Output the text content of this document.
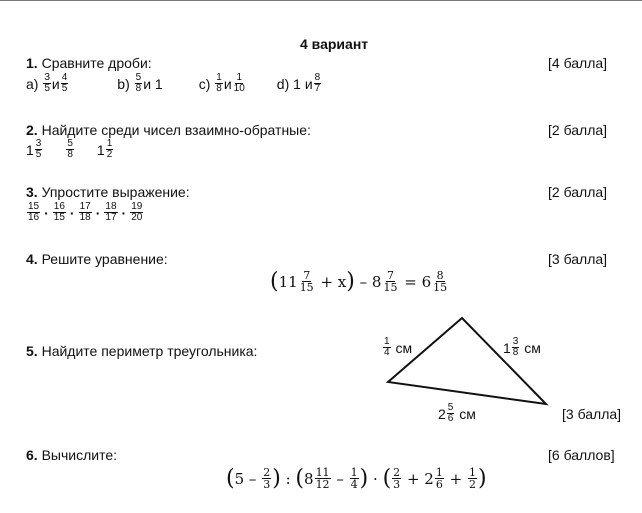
4 вариант
1. Сравните дроби:	[4 балла]
a)
$\frac{3}{5}$ и $\frac{4}{5}$	b)
$\frac{5}{8}$ и
1	c)
$\frac{1}{8}$ и $\frac{1}{10} d$)
1
и $\frac{8}{7}$
2. Найдите среди чисел взаимно-обратные:	[2 балла]
$1 \frac{3}{5} \frac{5}{8} 1 \frac{1}{2}$
3. Упростите выражение:	[2 балла]
$\frac{15}{16} \cdot \frac{16}{15} \cdot \frac{17}{18} \cdot \frac{18}{17} \cdot \frac{19}{20}$
4. Решите уравнение:	[3 балла]
( $11 \frac{7}{15}$
+ x )
–
$8 \frac{7}{15}$
=
$6 \frac{8}{15}$
5. Найдите периметр треугольника:	$\frac{1}{4}$
см	$1 \frac{3}{8}$
см
$2 \frac{5}{6}$
см	[3 балла]
6. Вычислите:	[6 баллов]
( 5
–
$\frac{2}{3}$ )
:
( $8 \frac{11}{12}$
–
$\frac{1}{4}$ )
·
( $\frac{2}{3}$
+
$2 \frac{1}{6}$
+
$\frac{1}{2}$ )
